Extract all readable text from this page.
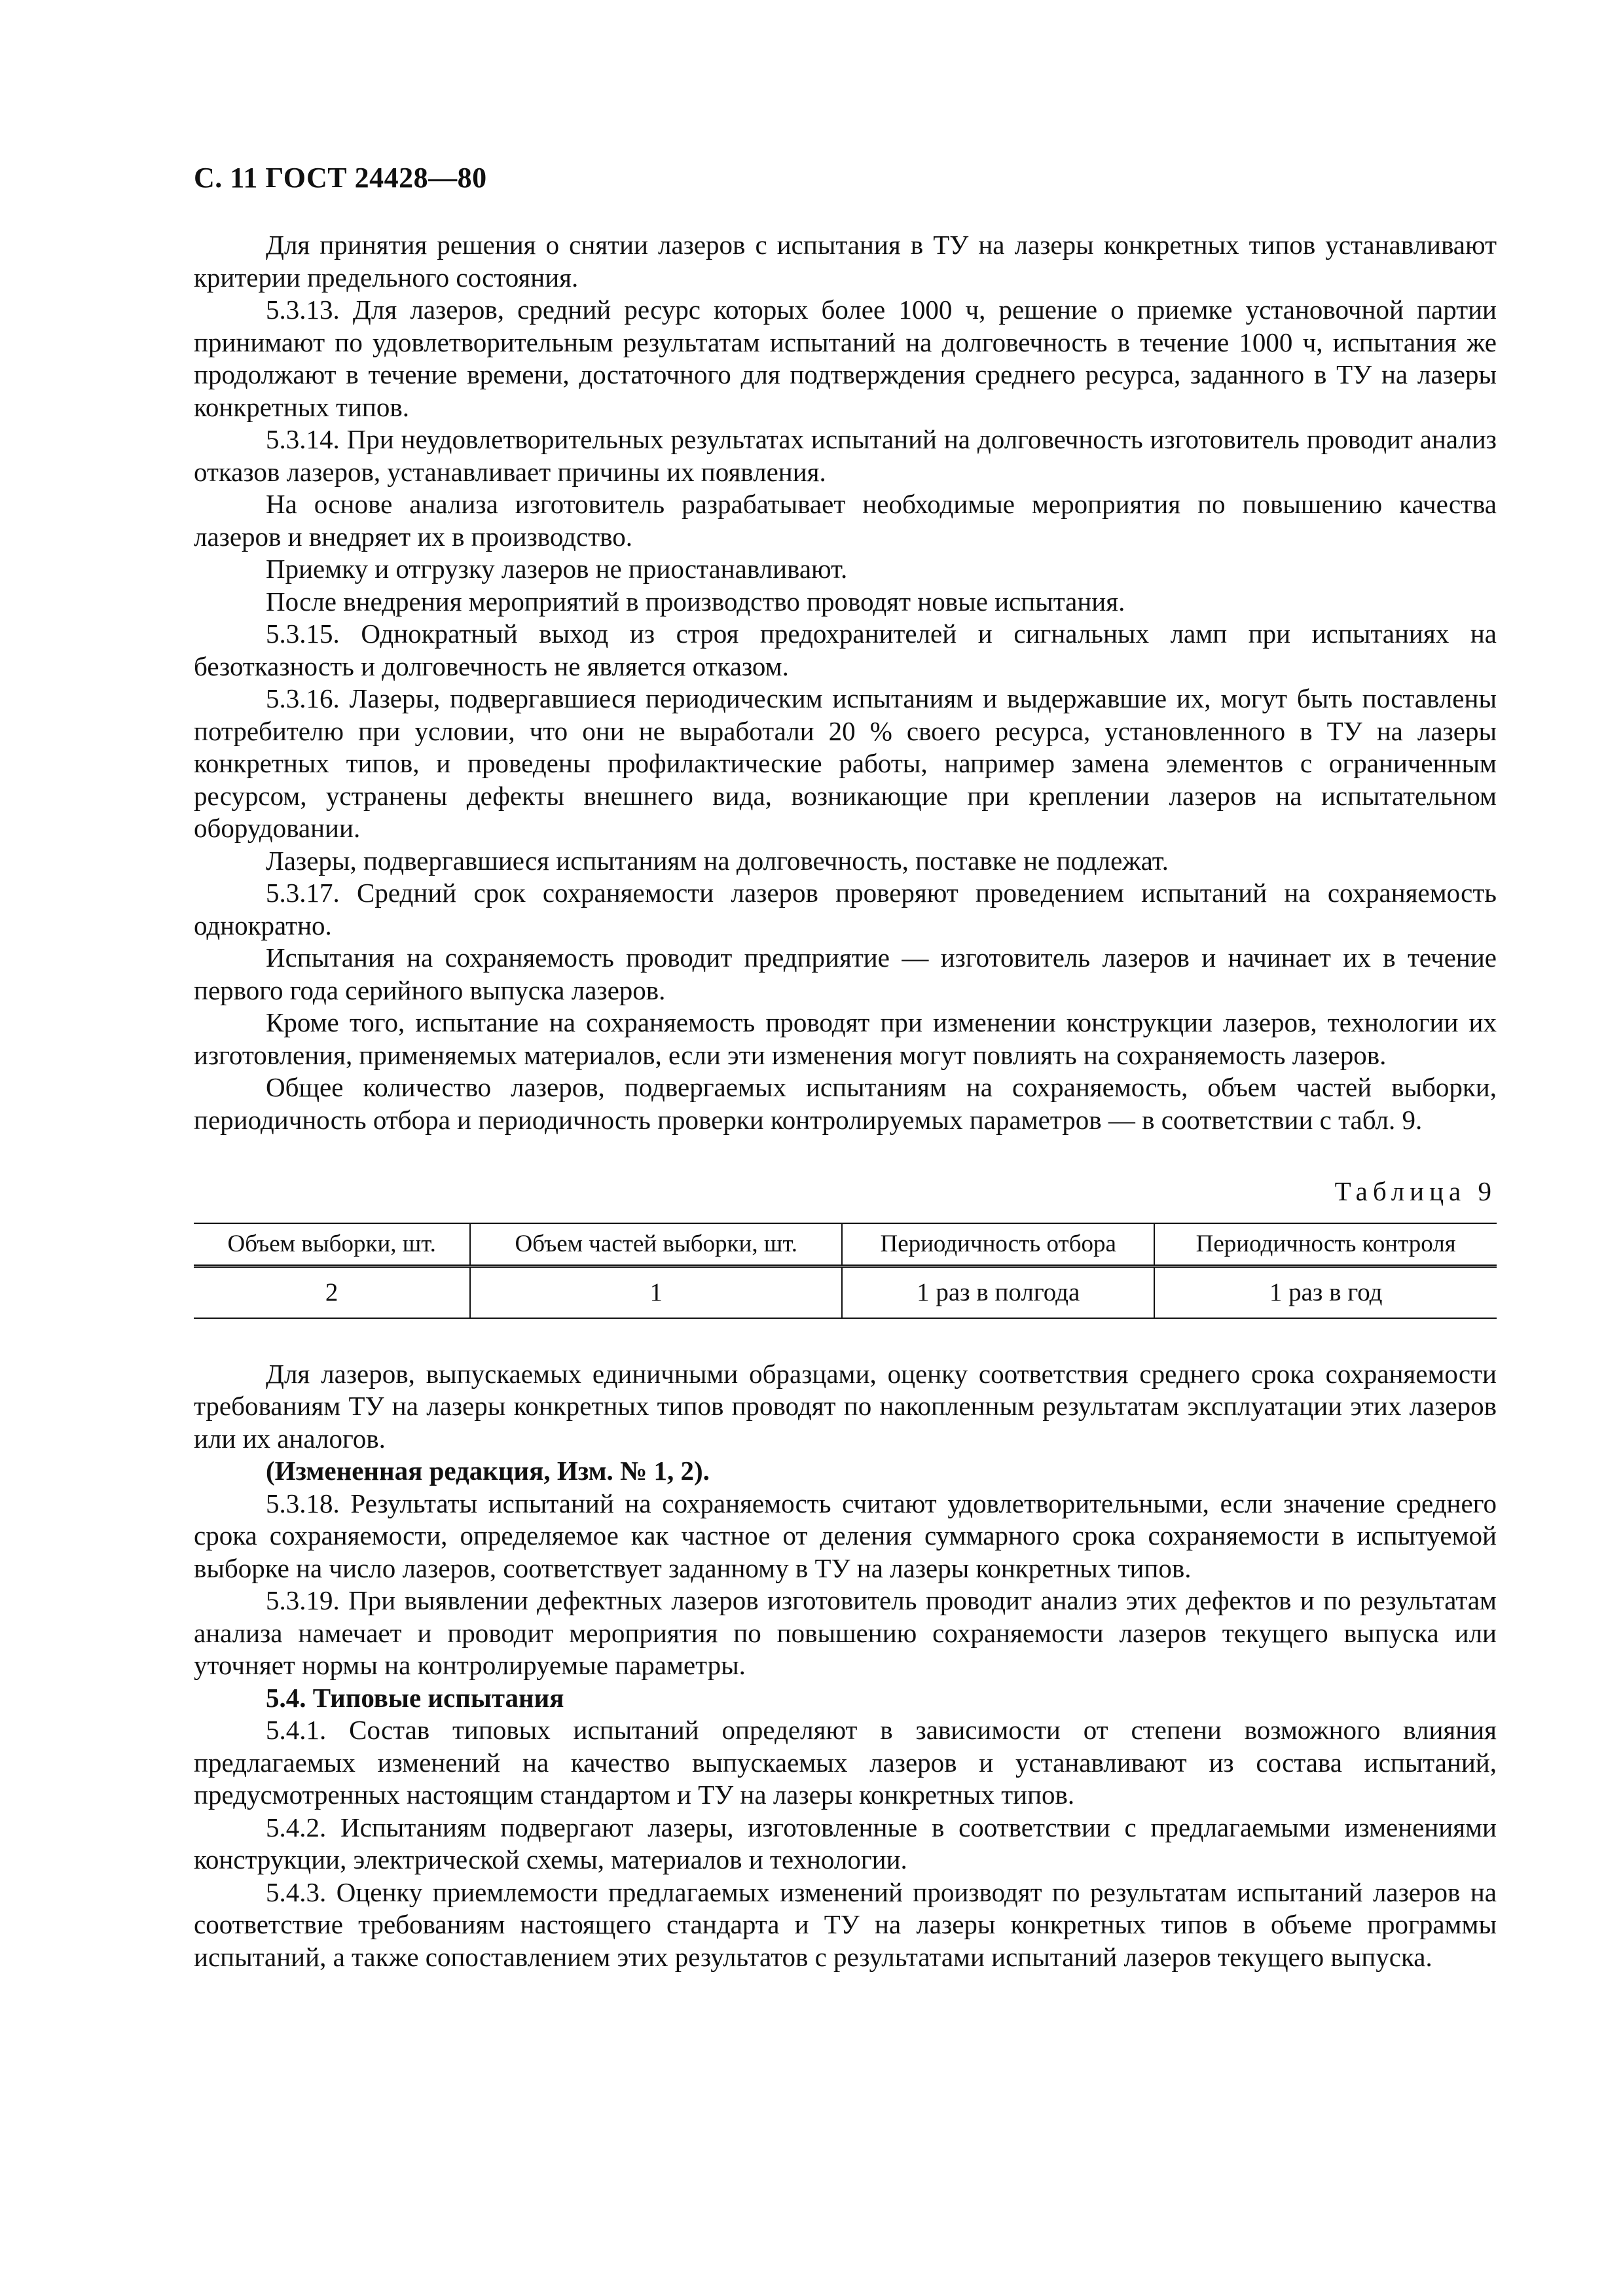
С. 11 ГОСТ 24428—80

Для принятия решения о снятии лазеров с испытания в ТУ на лазеры конкретных типов устанавливают критерии предельного состояния.

5.3.13. Для лазеров, средний ресурс которых более 1000 ч, решение о приемке установочной партии принимают по удовлетворительным результатам испытаний на долговечность в течение 1000 ч, испытания же продолжают в течение времени, достаточного для подтверждения среднего ресурса, заданного в ТУ на лазеры конкретных типов.

5.3.14. При неудовлетворительных результатах испытаний на долговечность изготовитель проводит анализ отказов лазеров, устанавливает причины их появления.

На основе анализа изготовитель разрабатывает необходимые мероприятия по повышению качества лазеров и внедряет их в производство.

Приемку и отгрузку лазеров не приостанавливают.

После внедрения мероприятий в производство проводят новые испытания.

5.3.15. Однократный выход из строя предохранителей и сигнальных ламп при испытаниях на безотказность и долговечность не является отказом.

5.3.16. Лазеры, подвергавшиеся периодическим испытаниям и выдержавшие их, могут быть поставлены потребителю при условии, что они не выработали 20 % своего ресурса, установленного в ТУ на лазеры конкретных типов, и проведены профилактические работы, например замена элементов с ограниченным ресурсом, устранены дефекты внешнего вида, возникающие при креплении лазеров на испытательном оборудовании.

Лазеры, подвергавшиеся испытаниям на долговечность, поставке не подлежат.

5.3.17. Средний срок сохраняемости лазеров проверяют проведением испытаний на сохраняемость однократно.

Испытания на сохраняемость проводит предприятие — изготовитель лазеров и начинает их в течение первого года серийного выпуска лазеров.

Кроме того, испытание на сохраняемость проводят при изменении конструкции лазеров, технологии их изготовления, применяемых материалов, если эти изменения могут повлиять на сохраняемость лазеров.

Общее количество лазеров, подвергаемых испытаниям на сохраняемость, объем частей выборки, периодичность отбора и периодичность проверки контролируемых параметров — в соответствии с табл. 9.

Таблица 9
Объем выборки, шт.	Объем частей выборки, шт.	Периодичность отбора	Периодичность контроля
2	1	1 раз в полгода	1 раз в год

Для лазеров, выпускаемых единичными образцами, оценку соответствия среднего срока сохраняемости требованиям ТУ на лазеры конкретных типов проводят по накопленным результатам эксплуатации этих лазеров или их аналогов.

(Измененная редакция, Изм. № 1, 2).

5.3.18. Результаты испытаний на сохраняемость считают удовлетворительными, если значение среднего срока сохраняемости, определяемое как частное от деления суммарного срока сохраняемости в испытуемой выборке на число лазеров, соответствует заданному в ТУ на лазеры конкретных типов.

5.3.19. При выявлении дефектных лазеров изготовитель проводит анализ этих дефектов и по результатам анализа намечает и проводит мероприятия по повышению сохраняемости лазеров текущего выпуска или уточняет нормы на контролируемые параметры.

5.4. Типовые испытания

5.4.1. Состав типовых испытаний определяют в зависимости от степени возможного влияния предлагаемых изменений на качество выпускаемых лазеров и устанавливают из состава испытаний, предусмотренных настоящим стандартом и ТУ на лазеры конкретных типов.

5.4.2. Испытаниям подвергают лазеры, изготовленные в соответствии с предлагаемыми изменениями конструкции, электрической схемы, материалов и технологии.

5.4.3. Оценку приемлемости предлагаемых изменений производят по результатам испытаний лазеров на соответствие требованиям настоящего стандарта и ТУ на лазеры конкретных типов в объеме программы испытаний, а также сопоставлением этих результатов с результатами испытаний лазеров текущего выпуска.
